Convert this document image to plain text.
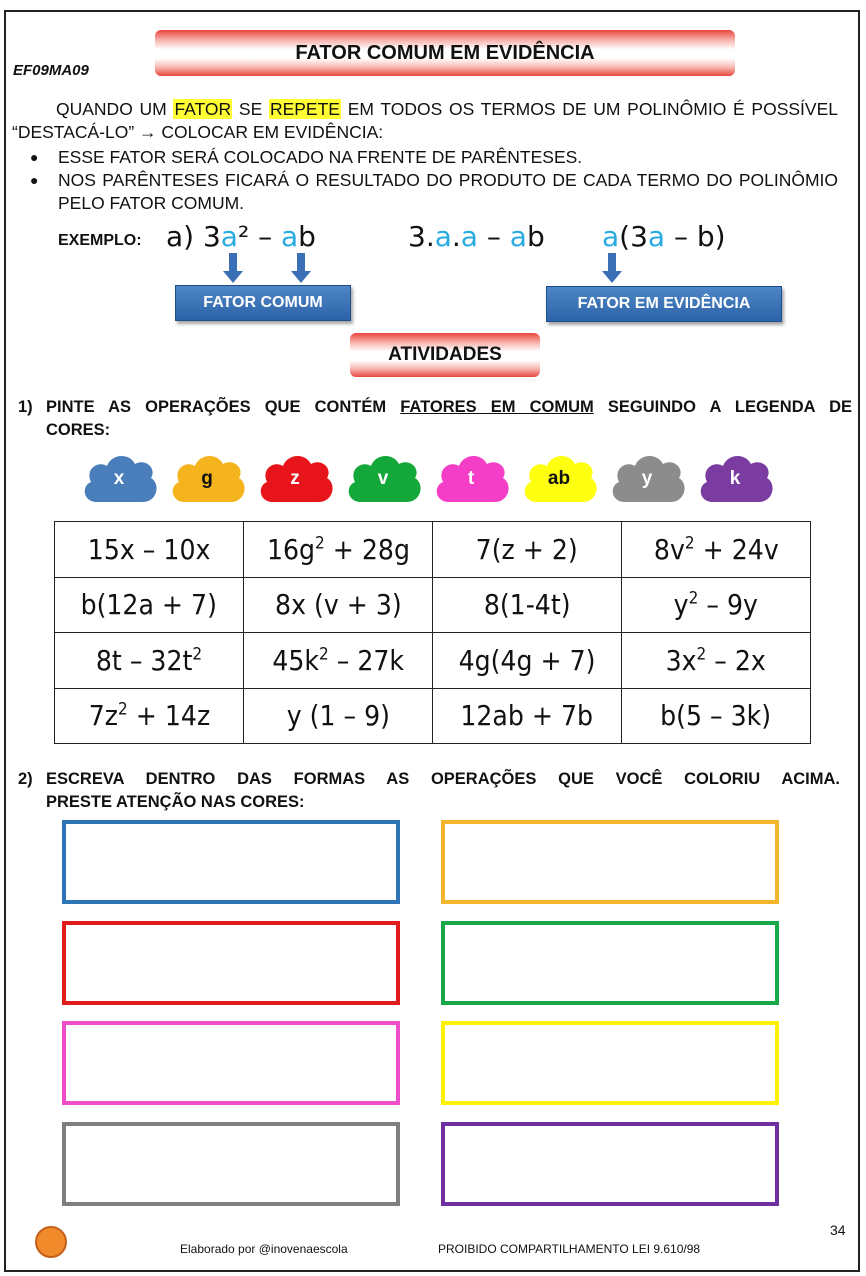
FATOR COMUM EM EVIDÊNCIA
EF09MA09
QUANDO UM FATOR SE REPETE EM TODOS OS TERMOS DE UM POLINÔMIO É POSSÍVEL “DESTACÁ-LO” → COLOCAR EM EVIDÊNCIA:
●	ESSE FATOR SERÁ COLOCADO NA FRENTE DE PARÊNTESES.
●	NOS PARÊNTESES FICARÁ O RESULTADO DO PRODUTO DE CADA TERMO DO POLINÔMIO PELO FATOR COMUM.
EXEMPLO: a) 3a² – ab	3.a.a – ab a(3a – b)
FATOR COMUM	FATOR EM EVIDÊNCIA
ATIVIDADES
1) PINTE AS OPERAÇÕES QUE CONTÉM FATORES EM COMUM SEGUINDO A LEGENDA DE
CORES:
x	g	z	v	t	ab	y	k
15x – 10x	$16g^2 + 28g$	7(z + 2)	$8v^2 + 24v$
b(12a + 7)	8x (v + 3)	8(1-4t)	$y^2 - 9y$
$8t - 32t^2$	$45k^2 - 27k$	4g(4g + 7)	$3x^2 - 2x$
$7z^2 + 14z$	y (1 – 9)	12ab + 7b	b(5 – 3k)
2) ESCREVA DENTRO DAS FORMAS AS OPERAÇÕES QUE VOCÊ COLORIU ACIMA.
PRESTE ATENÇÃO NAS CORES:
Elaborado por @inovenaescola	PROIBIDO COMPARTILHAMENTO LEI 9.610/98
34
